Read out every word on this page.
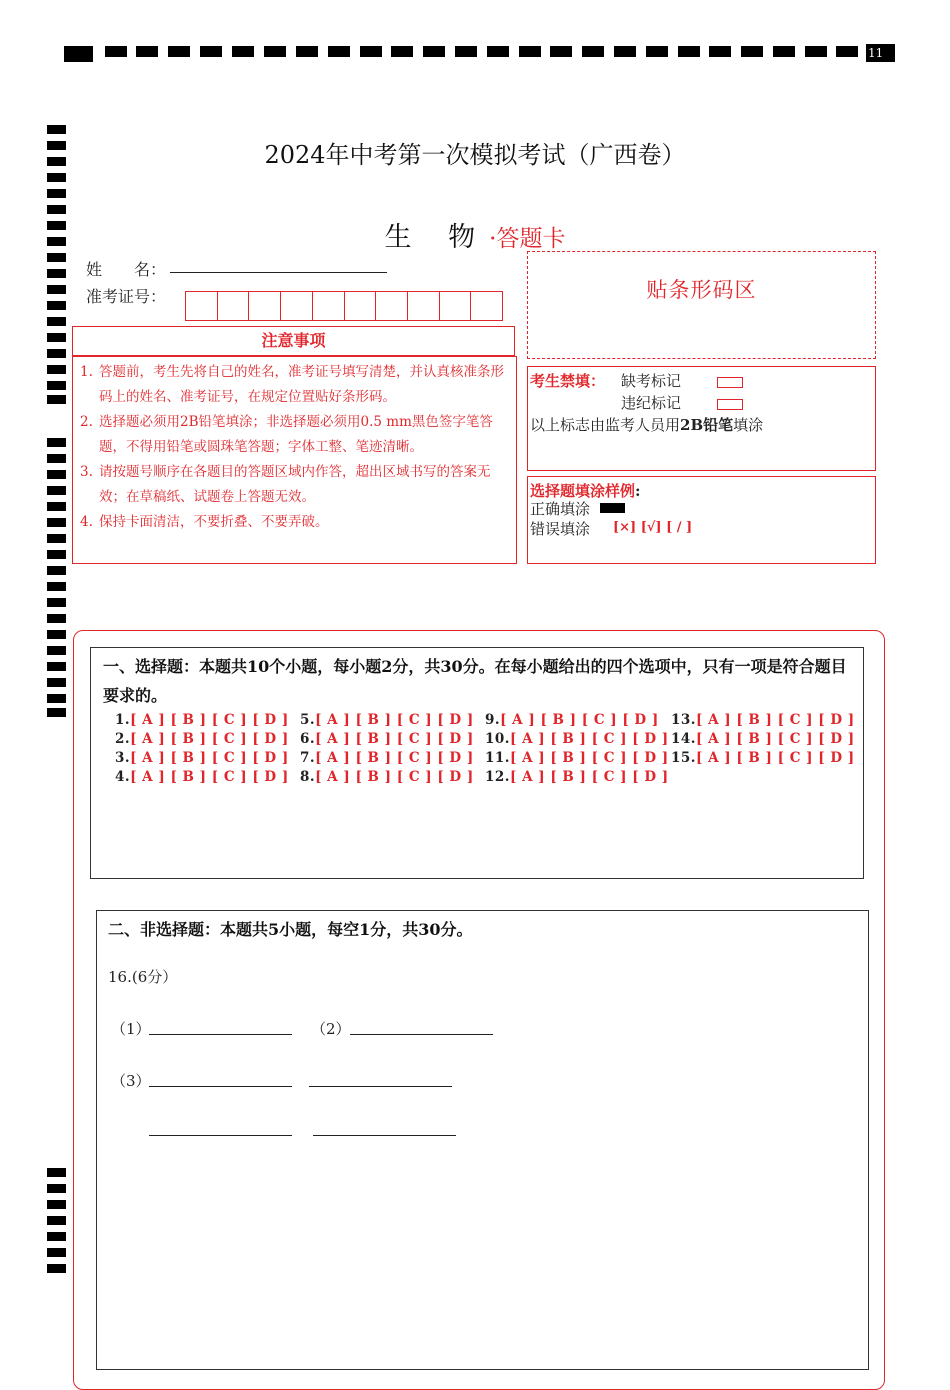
11
2024年中考第一次模拟考试（广西卷）
生 物·答题卡
姓　　名：
准考证号：
注意事项
1. 答题前，考生先将自己的姓名，准考证号填写清楚，并认真核准条形码上的姓名、准考证号，在规定位置贴好条形码。
2. 选择题必须用2B铅笔填涂；非选择题必须用0.5 mm黑色签字笔答题，不得用铅笔或圆珠笔答题；字体工整、笔迹清晰。
3. 请按题号顺序在各题目的答题区域内作答，超出区域书写的答案无效；在草稿纸、试题卷上答题无效。
4. 保持卡面清洁，不要折叠、不要弄破。
贴条形码区
考生禁填： 缺考标记
违纪标记
以上标志由监考人员用2B铅笔填涂
选择题填涂样例:
正确填涂
错误填涂 [×] [√] [ / ]
一、选择题：本题共10个小题，每小题2分，共30分。在每小题给出的四个选项中，只有一项是符合题目要求的。
1.[ A ] [ B ] [ C ] [ D ]
2.[ A ] [ B ] [ C ] [ D ]
3.[ A ] [ B ] [ C ] [ D ]
4.[ A ] [ B ] [ C ] [ D ]
5.[ A ] [ B ] [ C ] [ D ]
6.[ A ] [ B ] [ C ] [ D ]
7.[ A ] [ B ] [ C ] [ D ]
8.[ A ] [ B ] [ C ] [ D ]
9.[ A ] [ B ] [ C ] [ D ]
10.[ A ] [ B ] [ C ] [ D ]
11.[ A ] [ B ] [ C ] [ D ]
12.[ A ] [ B ] [ C ] [ D ]
13.[ A ] [ B ] [ C ] [ D ]
14.[ A ] [ B ] [ C ] [ D ]
15.[ A ] [ B ] [ C ] [ D ]
二、非选择题：本题共5小题，每空1分，共30分。
16.(6分）
（1）	（2）
（3）
